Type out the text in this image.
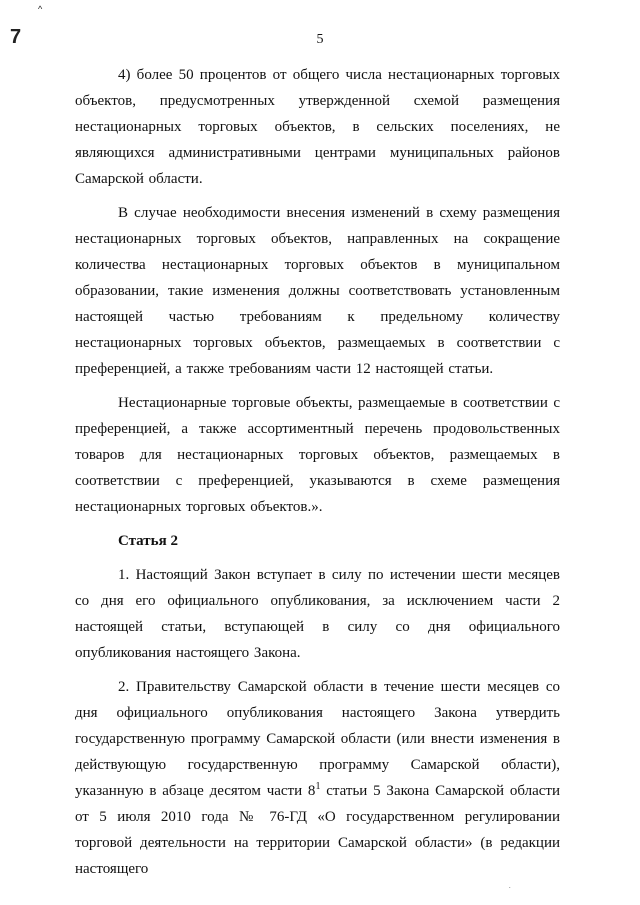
^
7
.
5

4) более 50 процентов от общего числа нестационарных торговых объектов, предусмотренных утвержденной схемой размещения нестационарных торговых объектов, в сельских поселениях, не являющихся административными центрами муниципальных районов Самарской области.

В случае необходимости внесения изменений в схему размещения нестационарных торговых объектов, направленных на сокращение количества нестационарных торговых объектов в муниципальном образовании, такие изменения должны соответствовать установленным настоящей частью требованиям к предельному количеству нестационарных торговых объектов, размещаемых в соответствии с преференцией, а также требованиям части 12 настоящей статьи.

Нестационарные торговые объекты, размещаемые в соответствии с преференцией, а также ассортиментный перечень продовольственных товаров для нестационарных торговых объектов, размещаемых в соответствии с преференцией, указываются в схеме размещения нестационарных торговых объектов.».

Статья 2

1. Настоящий Закон вступает в силу по истечении шести месяцев со дня его официального опубликования, за исключением части 2 настоящей статьи, вступающей в силу со дня официального опубликования настоящего Закона.

2. Правительству Самарской области в течение шести месяцев со дня официального опубликования настоящего Закона утвердить государственную программу Самарской области (или внести изменения в действующую государственную программу Самарской области), указанную в абзаце десятом части $8^1$ статьи 5 Закона Самарской области от 5 июля 2010 года № 76-ГД «О государственном регулировании торговой деятельности на территории Самарской области» (в редакции настоящего
